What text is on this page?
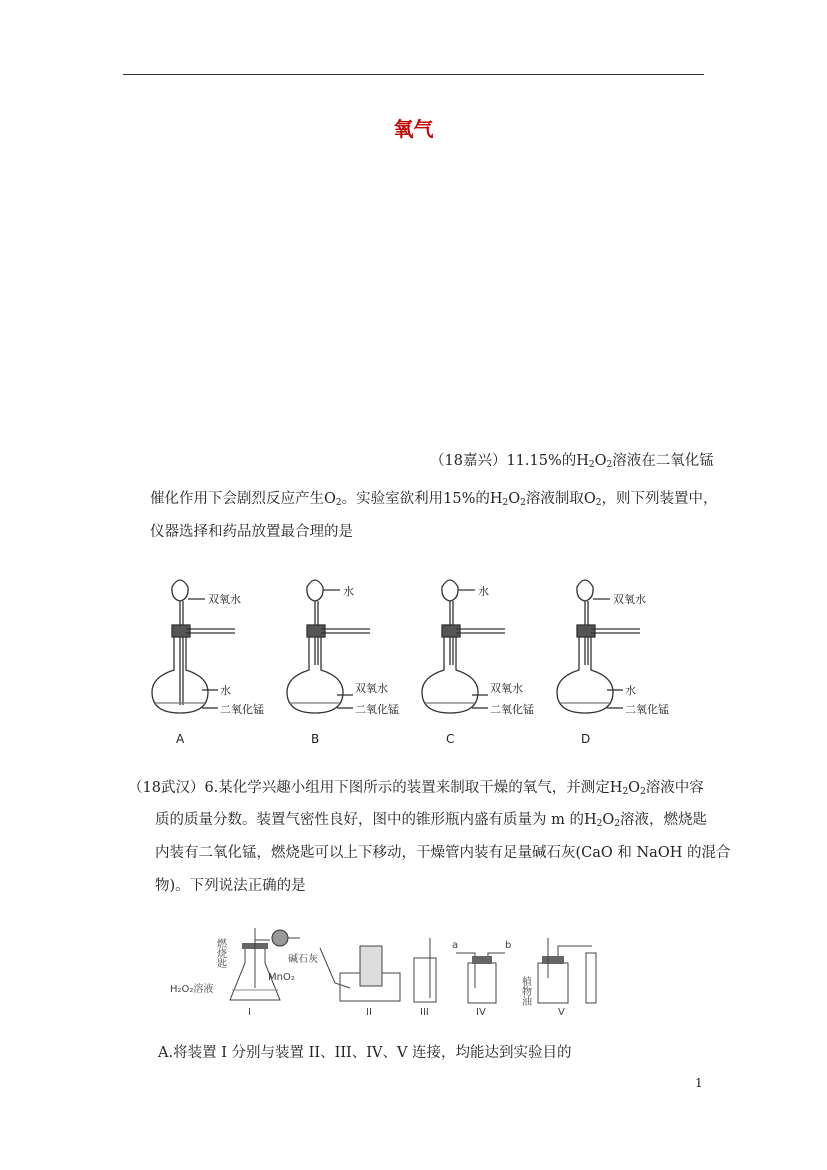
氧气
（18嘉兴）11.15%的$H_2O_2$溶液在二氧化锰
催化作用下会剧烈反应产生$O_2$。实验室欲利用15%的$H_2O_2$溶液制取$O_2$，则下列装置中，
仪器选择和药品放置最合理的是
双氧水
水
二氧化锰
A
水
双氧水
二氧化锰
B
水
双氧水
二氧化锰
C
双氧水
水
二氧化锰
D
（18武汉）6.某化学兴趣小组用下图所示的装置来制取干燥的氧气，并测定$H_2O_2$溶液中容
质的质量分数。装置气密性良好，图中的锥形瓶内盛有质量为 m 的$H_2O_2$溶液，燃烧匙
内装有二氧化锰，燃烧匙可以上下移动，干燥管内装有足量碱石灰(CaO 和 NaOH 的混合
物)。下列说法正确的是
燃烧匙	碱石灰
MnO₂
H₂O₂溶液
I	II	III
a	b
IV
植物油
V
A.将装置 I 分别与装置 II、III、IV、V 连接，均能达到实验目的
1
